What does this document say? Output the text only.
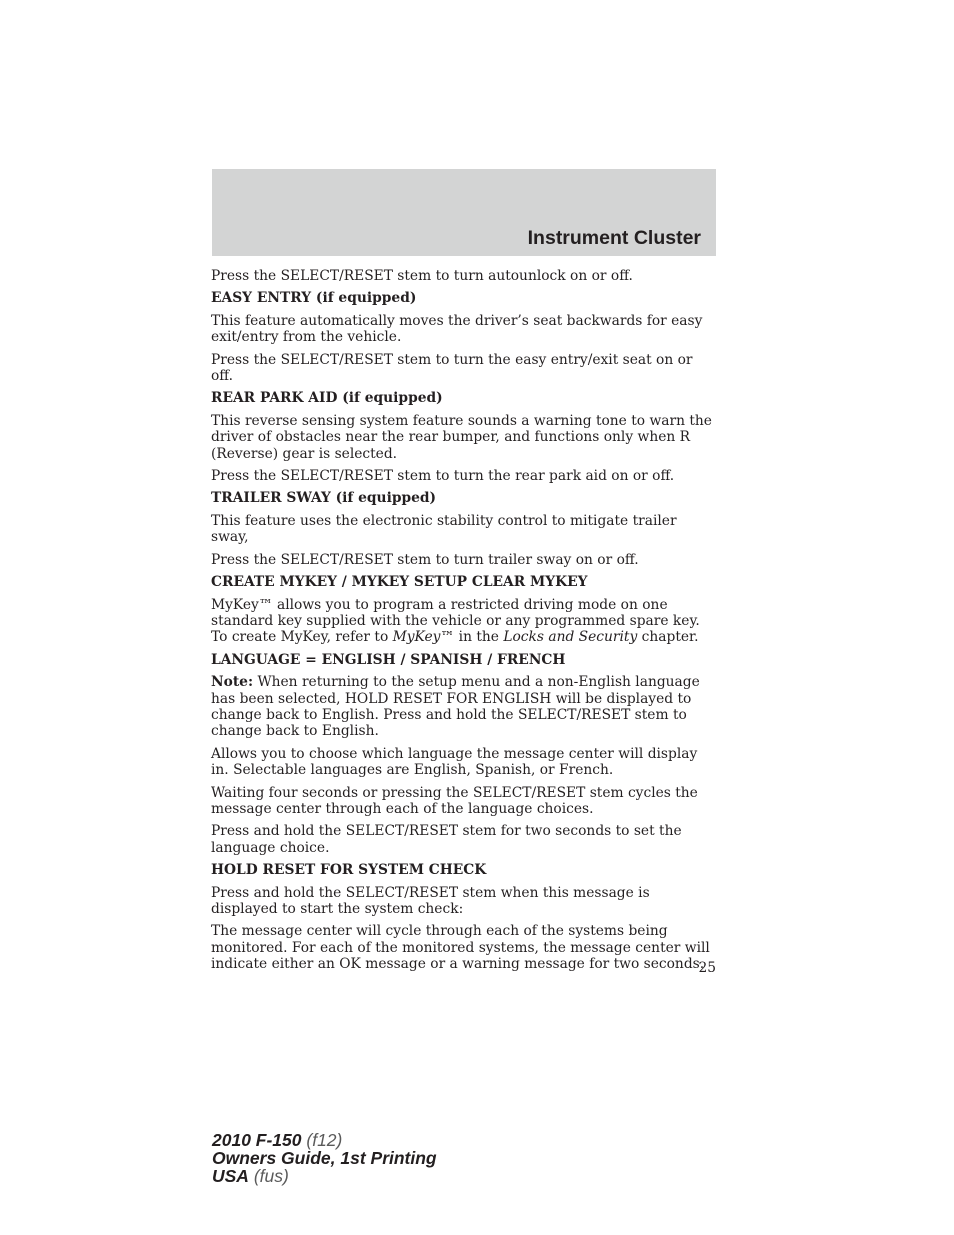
Instrument Cluster

Press the SELECT/RESET stem to turn autounlock on or off.

EASY ENTRY (if equipped)

This feature automatically moves the driver’s seat backwards for easy exit/entry from the vehicle.

Press the SELECT/RESET stem to turn the easy entry/exit seat on or off.

REAR PARK AID (if equipped)

This reverse sensing system feature sounds a warning tone to warn the driver of obstacles near the rear bumper, and functions only when R (Reverse) gear is selected.

Press the SELECT/RESET stem to turn the rear park aid on or off.

TRAILER SWAY (if equipped)

This feature uses the electronic stability control to mitigate trailer sway,

Press the SELECT/RESET stem to turn trailer sway on or off.

CREATE MYKEY / MYKEY SETUP CLEAR MYKEY

MyKey™ allows you to program a restricted driving mode on one standard key supplied with the vehicle or any programmed spare key. To create MyKey, refer to MyKey™ in the Locks and Security chapter.

LANGUAGE = ENGLISH / SPANISH / FRENCH

Note: When returning to the setup menu and a non-English language has been selected, HOLD RESET FOR ENGLISH will be displayed to change back to English. Press and hold the SELECT/RESET stem to change back to English.

Allows you to choose which language the message center will display in. Selectable languages are English, Spanish, or French.

Waiting four seconds or pressing the SELECT/RESET stem cycles the message center through each of the language choices.

Press and hold the SELECT/RESET stem for two seconds to set the language choice.

HOLD RESET FOR SYSTEM CHECK

Press and hold the SELECT/RESET stem when this message is displayed to start the system check:

The message center will cycle through each of the systems being monitored. For each of the monitored systems, the message center will indicate either an OK message or a warning message for two seconds.

25
2010 F-150 (f12)
Owners Guide, 1st Printing
USA (fus)
